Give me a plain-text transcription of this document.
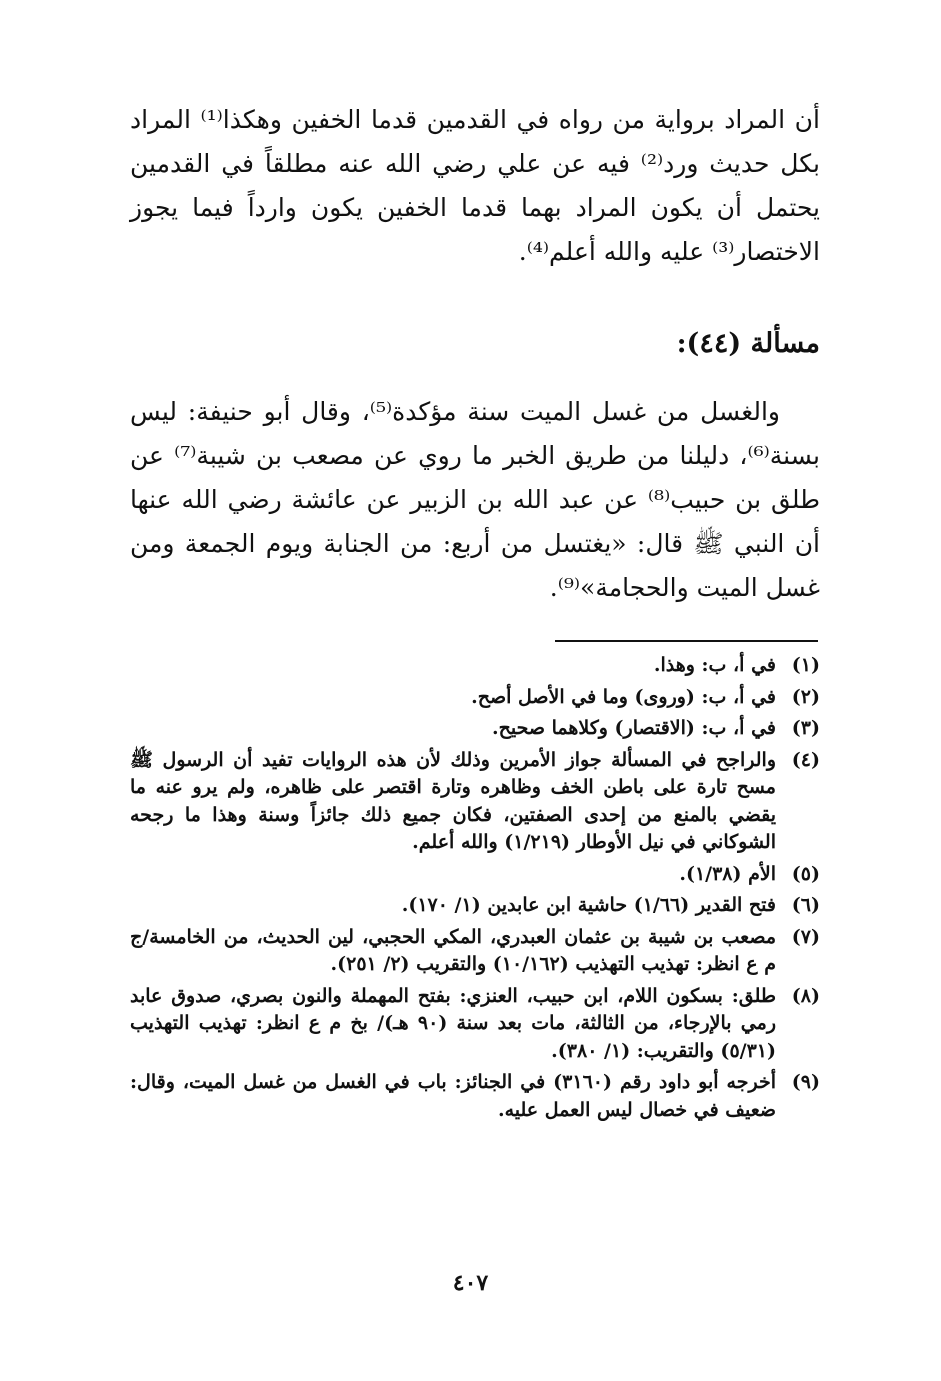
أن المراد برواية من رواه في القدمين قدما الخفين وهكذا⁽¹⁾ المراد بكل حديث ورد⁽²⁾ فيه عن علي رضي الله عنه مطلقاً في القدمين يحتمل أن يكون المراد بهما قدما الخفين يكون وارداً فيما يجوز الاختصار⁽³⁾ عليه والله أعلم⁽⁴⁾.

مسألة (٤٤):

والغسل من غسل الميت سنة مؤكدة⁽⁵⁾، وقال أبو حنيفة: ليس بسنة⁽⁶⁾، دليلنا من طريق الخبر ما روي عن مصعب بن شيبة⁽⁷⁾ عن طلق بن حبيب⁽⁸⁾ عن عبد الله بن الزبير عن عائشة رضي الله عنها أن النبي ﷺ قال: «يغتسل من أربع: من الجنابة ويوم الجمعة ومن غسل الميت والحجامة»⁽⁹⁾.

(١)
في أ، ب: وهذا.
(٢)
في أ، ب: (وروى) وما في الأصل أصح.
(٣)
في أ، ب: (الاقتصار) وكلاهما صحيح.
(٤)
والراجح في المسألة جواز الأمرين وذلك لأن هذه الروايات تفيد أن الرسول ﷺ مسح تارة على باطن الخف وظاهره وتارة اقتصر على ظاهره، ولم يرو عنه ما يقضي بالمنع من إحدى الصفتين، فكان جميع ذلك جائزاً وسنة وهذا ما رجحه الشوكاني في نيل الأوطار (١/٢١٩) والله أعلم.
(٥)
الأم (١/٣٨).
(٦)
فتح القدير (١/٦٦) حاشية ابن عابدين (١/ ١٧٠).
(٧)
مصعب بن شيبة بن عثمان العبدري، المكي الحجبي، لين الحديث، من الخامسة/ج م ع انظر: تهذيب التهذيب (١٠/١٦٢) والتقريب (٢/ ٢٥١).
(٨)
طلق: بسكون اللام، ابن حبيب، العنزي: بفتح المهملة والنون بصري، صدوق عابد رمي بالإرجاء، من الثالثة، مات بعد سنة (٩٠ هـ)/ بخ م ع انظر: تهذيب التهذيب (٥/٣١) والتقريب: (١/ ٣٨٠).
(٩)
أخرجه أبو داود رقم (٣١٦٠) في الجنائز: باب في الغسل من غسل الميت، وقال: ضعيف في خصال ليس العمل عليه.
٤٠٧
